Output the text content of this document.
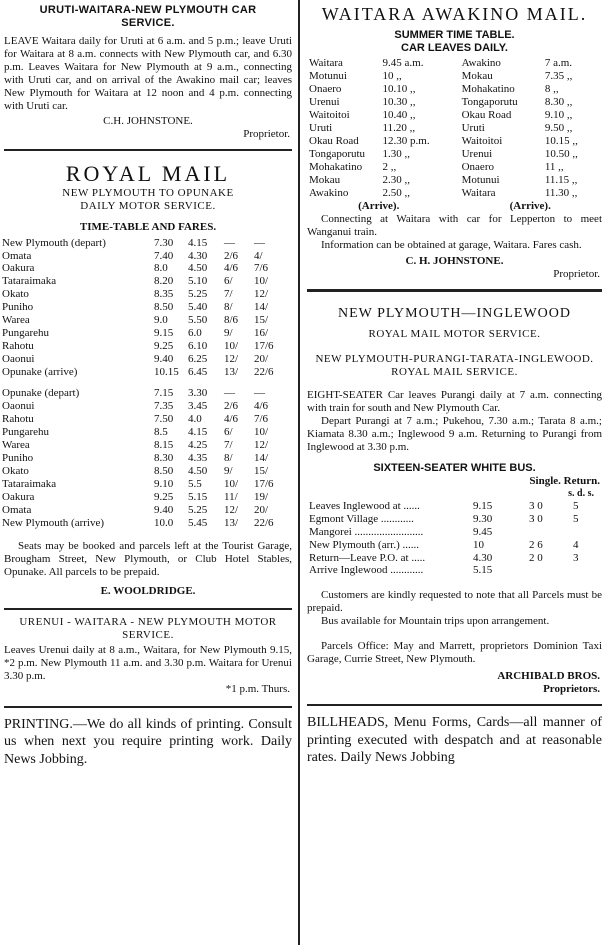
URUTI-WAITARA-NEW PLYMOUTH CAR SERVICE.
LEAVE Waitara daily for Uruti at 6 a.m. and 5 p.m.; leave Uruti for Waitara at 8 a.m. connects with New Plymouth car, and 6.30 p.m. Leaves Waitara for New Plymouth at 9 a.m., connecting with Uruti car, and on arrival of the Awakino mail car; leaves New Plymouth for Waitara at 12 noon and 4 p.m. connecting with Uruti car.
C.H. JOHNSTONE.
Proprietor.
ROYAL MAIL
NEW PLYMOUTH TO OPUNAKE
DAILY MOTOR SERVICE.
TIME-TABLE AND FARES.
New Plymouth (depart)	7.30	4.15	—	—
Omata	7.40	4.30	2/6	4/
Oakura	8.0	4.50	4/6	7/6
Tataraimaka	8.20	5.10	6/	10/
Okato	8.35	5.25	7/	12/
Puniho	8.50	5.40	8/	14/
Warea	9.0	5.50	8/6	15/
Pungarehu	9.15	6.0	9/	16/
Rahotu	9.25	6.10	10/	17/6
Oaonui	9.40	6.25	12/	20/
Opunake (arrive)	10.15	6.45	13/	22/6
Opunake (depart)	7.15	3.30	—	—
Oaonui	7.35	3.45	2/6	4/6
Rahotu	7.50	4.0	4/6	7/6
Pungarehu	8.5	4.15	6/	10/
Warea	8.15	4.25	7/	12/
Puniho	8.30	4.35	8/	14/
Okato	8.50	4.50	9/	15/
Tataraimaka	9.10	5.5	10/	17/6
Oakura	9.25	5.15	11/	19/
Omata	9.40	5.25	12/	20/
New Plymouth (arrive)	10.0	5.45	13/	22/6
Seats may be booked and parcels left at the Tourist Garage, Brougham Street, New Plymouth, or Club Hotel Stables, Opunake. All parcels to be prepaid.
E. WOOLDRIDGE.
URENUI - WAITARA - NEW PLYMOUTH MOTOR SERVICE.
Leaves Urenui daily at 8 a.m., Waitara, for New Plymouth 9.15, *2 p.m. New Plymouth 11 a.m. and 3.30 p.m. Waitara for Urenui 3.30 p.m.
*1 p.m. Thurs.
PRINTING.—We do all kinds of printing. Consult us when next you require printing work. Daily News Jobbing.
WAITARA AWAKINO MAIL.
SUMMER TIME TABLE.
CAR LEAVES DAILY.
Waitara	9.45 a.m.	Awakino	7 a.m.
Motunui	10 ,,	Mokau	7.35 ,,
Onaero	10.10 ,,	Mohakatino	8 ,,
Urenui	10.30 ,,	Tongaporutu	8.30 ,,
Waitoitoi	10.40 ,,	Okau Road	9.10 ,,
Uruti	11.20 ,,	Uruti	9.50 ,,
Okau Road	12.30 p.m.	Waitoitoi	10.15 ,,
Tongaporutu	1.30 ,,	Urenui	10.50 ,,
Mohakatino	2 ,,	Onaero	11 ,,
Mokau	2.30 ,,	Motunui	11.15 ,,
Awakino	2.50 ,,	Waitara	11.30 ,,
(Arrive).	(Arrive).
Connecting at Waitara with car for Lepperton to meet Wanganui train.
Information can be obtained at garage, Waitara. Fares cash.
C. H. JOHNSTONE.
Proprietor.
NEW PLYMOUTH—INGLEWOOD
ROYAL MAIL MOTOR SERVICE.
NEW PLYMOUTH-PURANGI-TARATA-INGLEWOOD.
ROYAL MAIL SERVICE.
EIGHT-SEATER Car leaves Purangi daily at 7 a.m. connecting with train for south and New Plymouth Car.
Depart Purangi at 7 a.m.; Pukehou, 7.30 a.m.; Tarata 8 a.m.; Kiamata 8.30 a.m.; Inglewood 9 a.m. Returning to Purangi from Inglewood at 3.30 p.m.
SIXTEEN-SEATER WHITE BUS.
Single. Return.
s. d. s.
Leaves Inglewood at ......	9.15	3 0	5
Egmont Village ............	9.30	3 0	5
Mangorei .........................	9.45		
New Plymouth (arr.) ......	10	2 6	4
Return—Leave P.O. at .....	4.30	2 0	3
Arrive Inglewood ............	5.15		
Customers are kindly requested to note that all Parcels must be prepaid.
Bus available for Mountain trips upon arrangement.
Parcels Office: May and Marrett, proprietors Dominion Taxi Garage, Currie Street, New Plymouth.
ARCHIBALD BROS.
Proprietors.
BILLHEADS, Menu Forms, Cards—all manner of printing executed with despatch and at reasonable rates. Daily News Jobbing
